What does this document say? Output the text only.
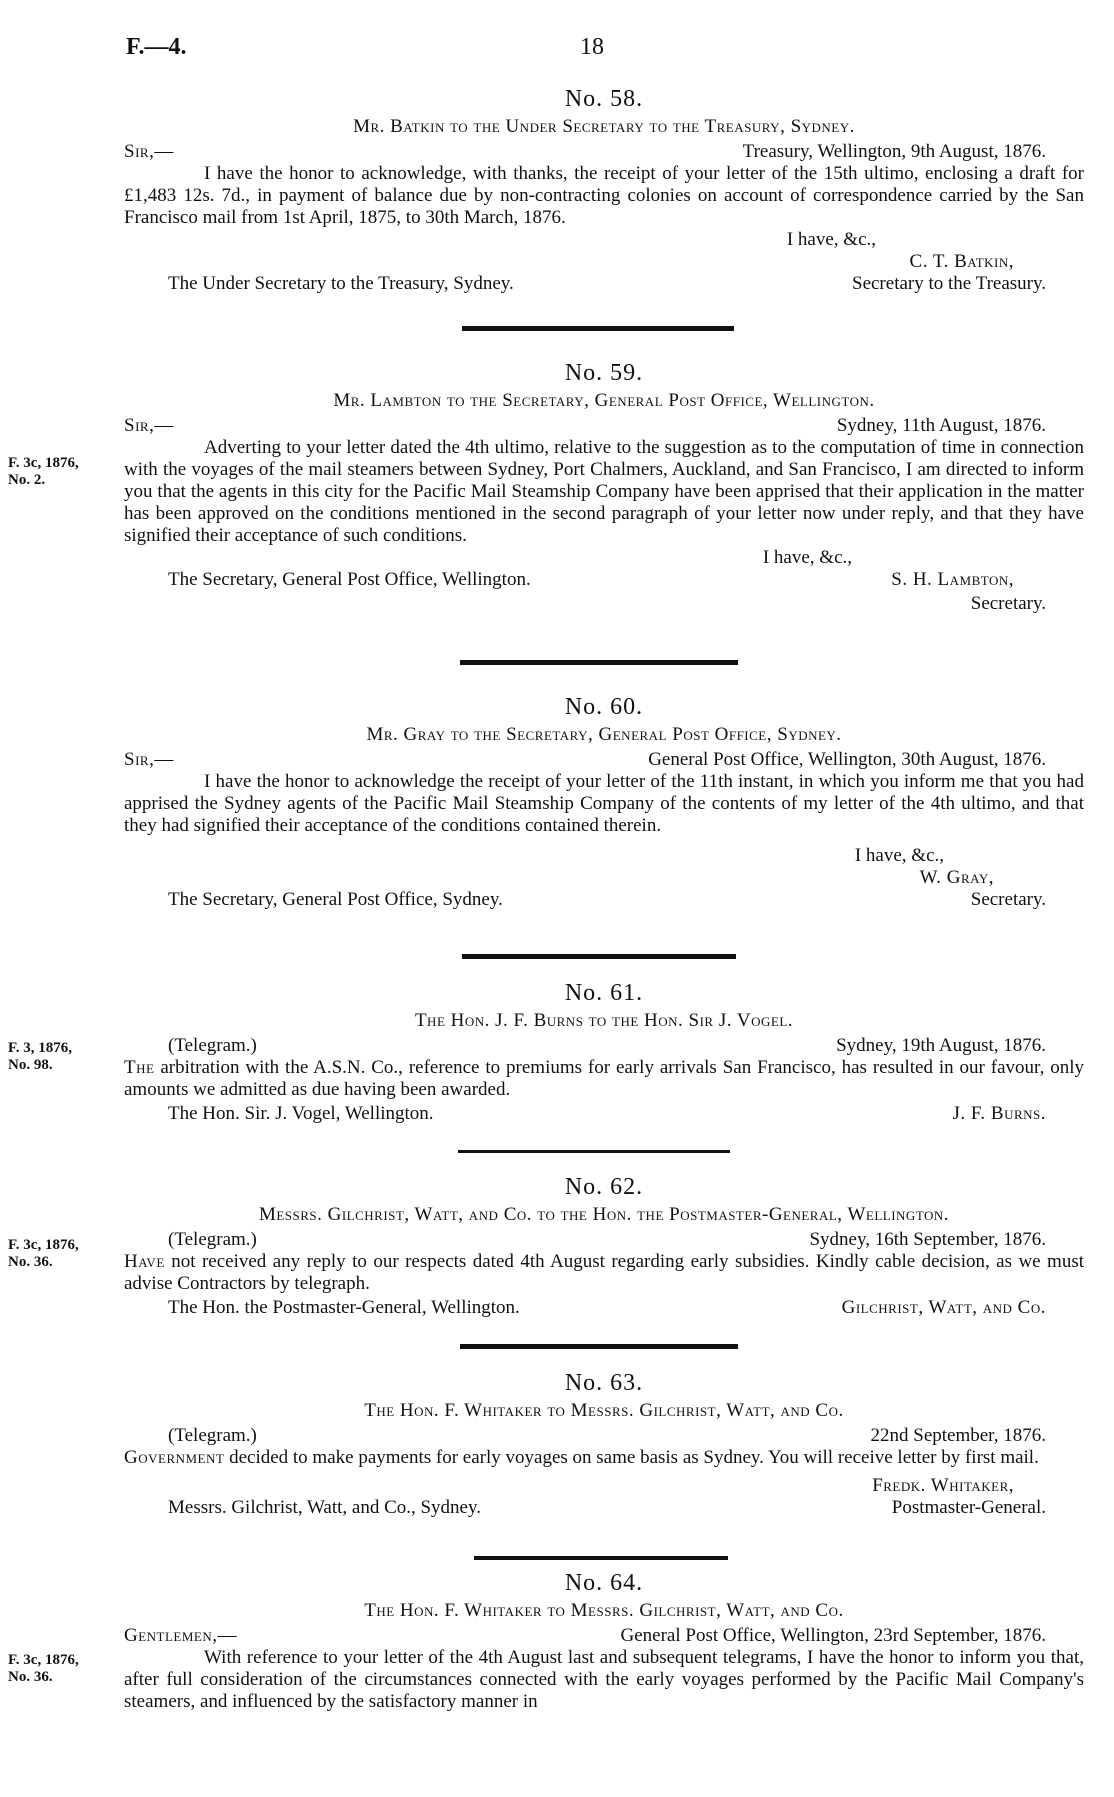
F.—4.	18
F. 3c, 1876,
No. 2.
F. 3, 1876,
No. 98.
F. 3c, 1876,
No. 36.
F. 3c, 1876,
No. 36.
No. 58.
Mr. Batkin to the Under Secretary to the Treasury, Sydney.
Sir,—	Treasury, Wellington, 9th August, 1876.
I have the honor to acknowledge, with thanks, the receipt of your letter of the 15th ultimo, enclosing a draft for £1,483 12s. 7d., in payment of balance due by non-contracting colonies on account of correspondence carried by the San Francisco mail from 1st April, 1875, to 30th March, 1876.
I have, &c.,
C. T. Batkin,
The Under Secretary to the Treasury, Sydney.	Secretary to the Treasury.
No. 59.
Mr. Lambton to the Secretary, General Post Office, Wellington.
Sir,—	Sydney, 11th August, 1876.
Adverting to your letter dated the 4th ultimo, relative to the suggestion as to the computation of time in connection with the voyages of the mail steamers between Sydney, Port Chalmers, Auckland, and San Francisco, I am directed to inform you that the agents in this city for the Pacific Mail Steamship Company have been apprised that their application in the matter has been approved on the conditions mentioned in the second paragraph of your letter now under reply, and that they have signified their acceptance of such conditions.
I have, &c.,
The Secretary, General Post Office, Wellington.	S. H. Lambton,
Secretary.
No. 60.
Mr. Gray to the Secretary, General Post Office, Sydney.
Sir,—	General Post Office, Wellington, 30th August, 1876.
I have the honor to acknowledge the receipt of your letter of the 11th instant, in which you inform me that you had apprised the Sydney agents of the Pacific Mail Steamship Company of the contents of my letter of the 4th ultimo, and that they had signified their acceptance of the conditions contained therein.
I have, &c.,
W. Gray,
The Secretary, General Post Office, Sydney.	Secretary.
No. 61.
The Hon. J. F. Burns to the Hon. Sir J. Vogel.
(Telegram.)	Sydney, 19th August, 1876.
The arbitration with the A.S.N. Co., reference to premiums for early arrivals San Francisco, has resulted in our favour, only amounts we admitted as due having been awarded.
The Hon. Sir. J. Vogel, Wellington.	J. F. Burns.
No. 62.
Messrs. Gilchrist, Watt, and Co. to the Hon. the Postmaster-General, Wellington.
(Telegram.)	Sydney, 16th September, 1876.
Have not received any reply to our respects dated 4th August regarding early subsidies. Kindly cable decision, as we must advise Contractors by telegraph.
The Hon. the Postmaster-General, Wellington.	Gilchrist, Watt, and Co.
No. 63.
The Hon. F. Whitaker to Messrs. Gilchrist, Watt, and Co.
(Telegram.)	22nd September, 1876.
Government decided to make payments for early voyages on same basis as Sydney. You will receive letter by first mail.
Fredk. Whitaker,
Messrs. Gilchrist, Watt, and Co., Sydney.	Postmaster-General.
No. 64.
The Hon. F. Whitaker to Messrs. Gilchrist, Watt, and Co.
Gentlemen,—	General Post Office, Wellington, 23rd September, 1876.
With reference to your letter of the 4th August last and subsequent telegrams, I have the honor to inform you that, after full consideration of the circumstances connected with the early voyages performed by the Pacific Mail Company's steamers, and influenced by the satisfactory manner in
